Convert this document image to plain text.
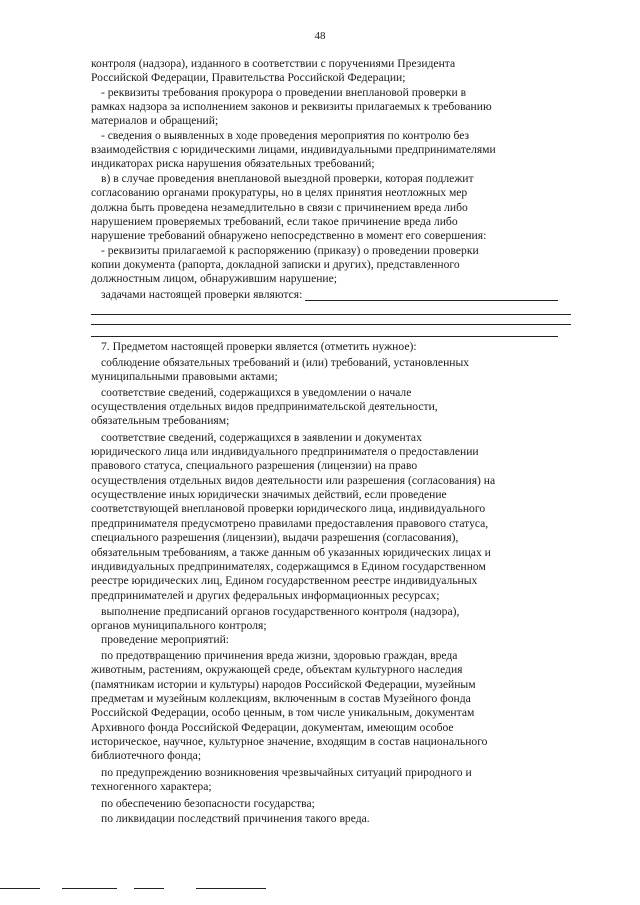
48
контроля (надзора), изданного в соответствии с поручениями Президента
Российской Федерации, Правительства Российской Федерации;
- реквизиты требования прокурора о проведении внеплановой проверки в
рамках надзора за исполнением законов и реквизиты прилагаемых к требованию
материалов и обращений;
- сведения о выявленных в ходе проведения мероприятия по контролю без
взаимодействия с юридическими лицами, индивидуальными предпринимателями
индикаторах риска нарушения обязательных требований;
в) в случае проведения внеплановой выездной проверки, которая подлежит
согласованию органами прокуратуры, но в целях принятия неотложных мер
должна быть проведена незамедлительно в связи с причинением вреда либо
нарушением проверяемых требований, если такое причинение вреда либо
нарушение требований обнаружено непосредственно в момент его совершения:
- реквизиты прилагаемой к распоряжению (приказу) о проведении проверки
копии документа (рапорта, докладной записки и других), представленного
должностным лицом, обнаружившим нарушение;
задачами настоящей проверки являются:
7. Предметом настоящей проверки является (отметить нужное):
соблюдение обязательных требований и (или) требований, установленных
муниципальными правовыми актами;
соответствие сведений, содержащихся в уведомлении о начале
осуществления отдельных видов предпринимательской деятельности,
обязательным требованиям;
соответствие сведений, содержащихся в заявлении и документах
юридического лица или индивидуального предпринимателя о предоставлении
правового статуса, специального разрешения (лицензии) на право
осуществления отдельных видов деятельности или разрешения (согласования) на
осуществление иных юридически значимых действий, если проведение
соответствующей внеплановой проверки юридического лица, индивидуального
предпринимателя предусмотрено правилами предоставления правового статуса,
специального разрешения (лицензии), выдачи разрешения (согласования),
обязательным требованиям, а также данным об указанных юридических лицах и
индивидуальных предпринимателях, содержащимся в Едином государственном
реестре юридических лиц, Едином государственном реестре индивидуальных
предпринимателей и других федеральных информационных ресурсах;
выполнение предписаний органов государственного контроля (надзора),
органов муниципального контроля;
проведение мероприятий:
по предотвращению причинения вреда жизни, здоровью граждан, вреда
животным, растениям, окружающей среде, объектам культурного наследия
(памятникам истории и культуры) народов Российской Федерации, музейным
предметам и музейным коллекциям, включенным в состав Музейного фонда
Российской Федерации, особо ценным, в том числе уникальным, документам
Архивного фонда Российской Федерации, документам, имеющим особое
историческое, научное, культурное значение, входящим в состав национального
библиотечного фонда;
по предупреждению возникновения чрезвычайных ситуаций природного и
техногенного характера;
по обеспечению безопасности государства;
по ликвидации последствий причинения такого вреда.
